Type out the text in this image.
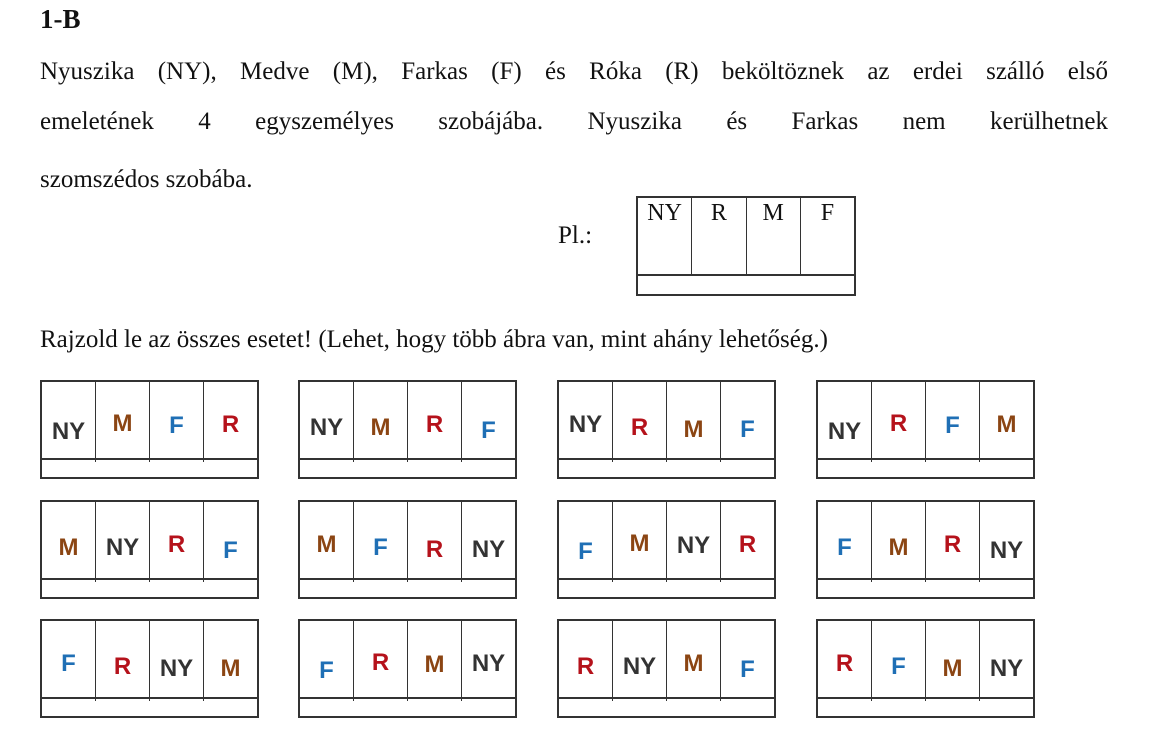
1-B
Nyuszika (NY), Medve (M), Farkas (F) és Róka (R) beköltöznek az erdei szálló első
emeletének 4 egyszemélyes szobájába. Nyuszika és Farkas nem kerülhetnek
szomszédos szobába.
Pl.:
NY	R	M	F
Rajzold le az összes esetet! (Lehet, hogy több ábra van, mint ahány lehetőség.)
NY	M	F	R	NY	M	R	F	NY	R	M	F	NY	R	F	M
M	NY	R	F	M	F	R	NY	F	M	NY	R	F	M	R	NY
F	R	NY	M	F	R	M	NY	R	NY	M	F	R	F	M	NY
